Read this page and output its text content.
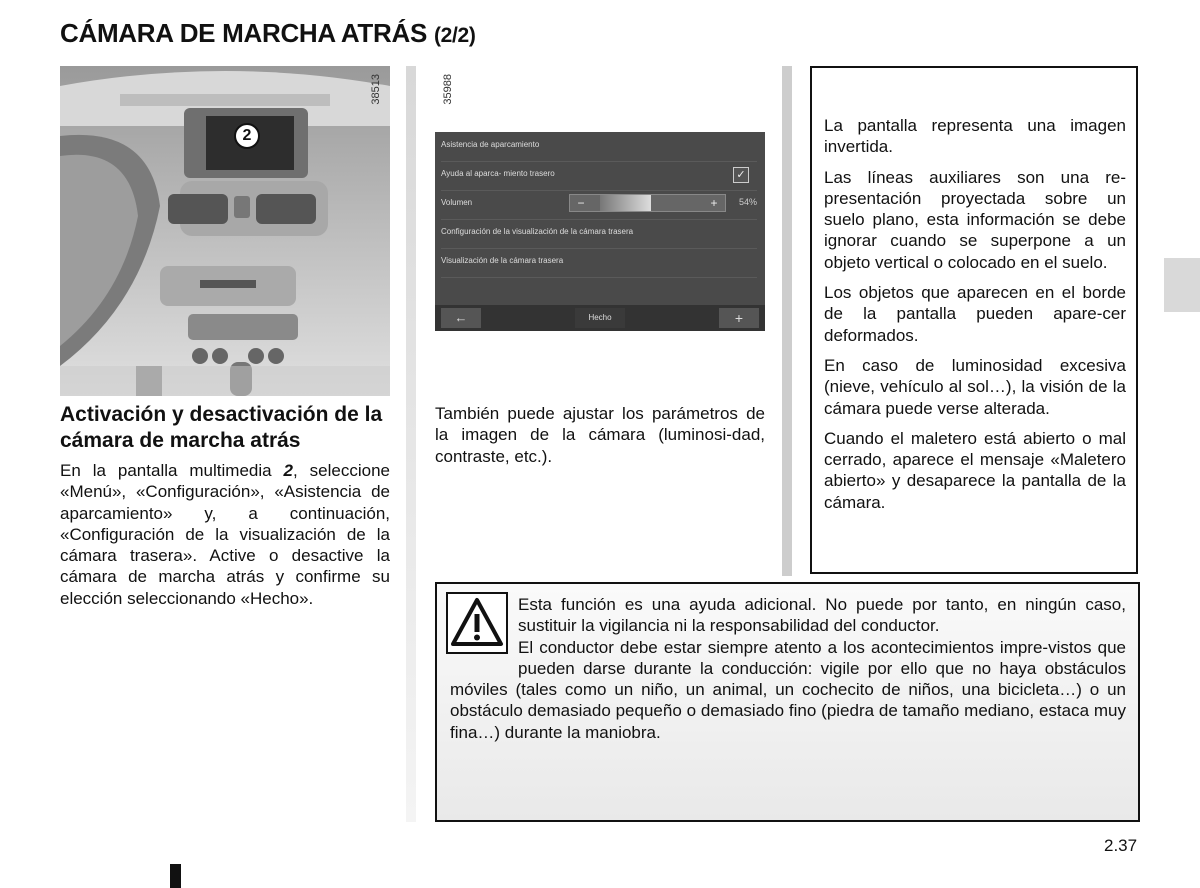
CÁMARA DE MARCHA ATRÁS (2/2)
2
38513	35988
Asistencia de aparcamiento
Ayuda al aparca- miento trasero	✓
Volumen	−	+	54%
Configuración de la visualización de la cámara trasera
Visualización de la cámara trasera
←	Hecho	+
Activación y desactivación de la cámara de marcha atrás
En la pantalla multimedia 2, seleccione «Menú», «Configuración», «Asistencia de aparcamiento» y, a continuación, «Configuración de la visualización de la cámara trasera». Active o desactive la cámara de marcha atrás y confirme su elección seleccionando «Hecho».
También puede ajustar los parámetros de la imagen de la cámara (luminosi-dad, contraste, etc.).

La pantalla representa una imagen invertida.

Las líneas auxiliares son una re-presentación proyectada sobre un suelo plano, esta información se debe ignorar cuando se superpone a un objeto vertical o colocado en el suelo.

Los objetos que aparecen en el borde de la pantalla pueden apare-cer deformados.

En caso de luminosidad excesiva (nieve, vehículo al sol…), la visión de la cámara puede verse alterada.

Cuando el maletero está abierto o mal cerrado, aparece el mensaje «Maletero abierto» y desaparece la pantalla de la cámara.

Esta función es una ayuda adicional. No puede por tanto, en ningún caso, sustituir la vigilancia ni la responsabilidad del conductor.

El conductor debe estar siempre atento a los acontecimientos impre-vistos que pueden darse durante la conducción: vigile por ello que no haya obstáculos móviles (tales como un niño, un animal, un cochecito de niños, una bicicleta…) o un obstáculo demasiado pequeño o demasiado fino (piedra de tamaño mediano, estaca muy fina…) durante la maniobra.

2.37
